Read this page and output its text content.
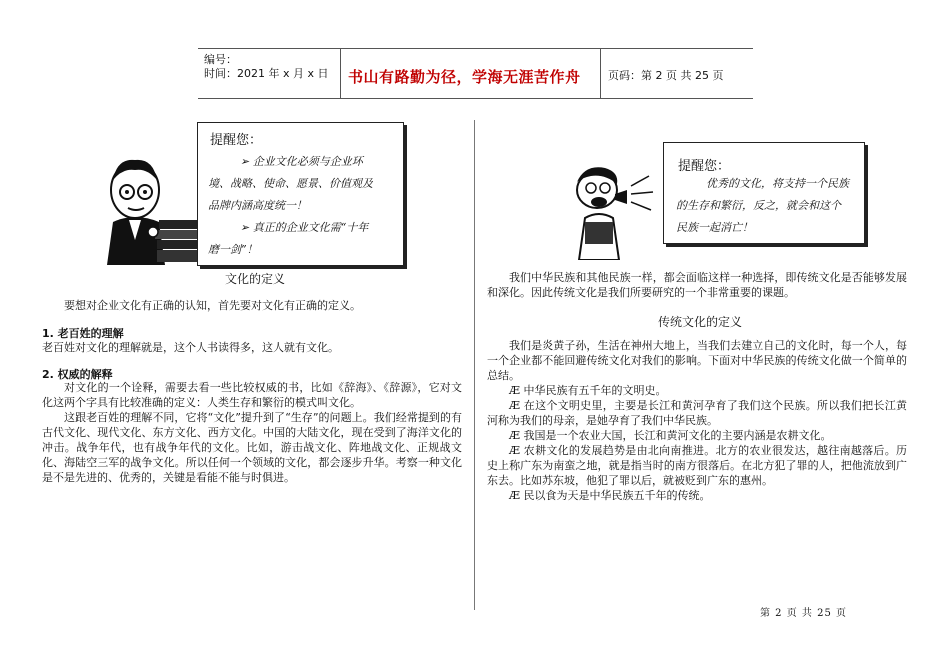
编号：
时间：2021 年 x 月 x 日 书山有路勤为径，学海无涯苦作舟 页码：第 2 页 共 25 页
提醒您：
➢ 企业文化必须与企业环
境、战略、使命、愿景、价值观及
品牌内涵高度统一！
➢ 真正的企业文化需“十年
磨一剑”！
文化的定义
要想对企业文化有正确的认知，首先要对文化有正确的定义。
1. 老百姓的理解
老百姓对文化的理解就是，这个人书读得多，这人就有文化。
2. 权威的解释
对文化的一个诠释，需要去看一些比较权威的书，比如《辞海》、《辞源》，它对文化这两个字具有比较准确的定义：人类生存和繁衍的模式叫文化。
这跟老百姓的理解不同，它将“文化”提升到了“生存”的问题上。我们经常提到的有古代文化、现代文化、东方文化、西方文化。中国的大陆文化，现在受到了海洋文化的冲击。战争年代，也有战争年代的文化。比如，游击战文化、阵地战文化、正规战文化、海陆空三军的战争文化。所以任何一个领域的文化，都会逐步升华。考察一种文化是不是先进的、优秀的，关键是看能不能与时俱进。
提醒您：
优秀的文化，将支持一个民族
的生存和繁衍，反之，就会和这个
民族一起消亡！
我们中华民族和其他民族一样，都会面临这样一种选择，即传统文化是否能够发展和深化。因此传统文化是我们所要研究的一个非常重要的课题。
传统文化的定义
我们是炎黄子孙，生活在神州大地上，当我们去建立自己的文化时，每一个人，每一个企业都不能回避传统文化对我们的影响。下面对中华民族的传统文化做一个简单的总结。
Æ 中华民族有五千年的文明史。
Æ 在这个文明史里，主要是长江和黄河孕育了我们这个民族。所以我们把长江黄河称为我们的母亲，是她孕育了我们中华民族。
Æ 我国是一个农业大国，长江和黄河文化的主要内涵是农耕文化。
Æ 农耕文化的发展趋势是由北向南推进。北方的农业很发达，越往南越落后。历史上称广东为南蛮之地，就是指当时的南方很落后。在北方犯了罪的人，把他流放到广东去。比如苏东坡，他犯了罪以后，就被贬到广东的惠州。
Æ 民以食为天是中华民族五千年的传统。
第 2 页 共 25 页
